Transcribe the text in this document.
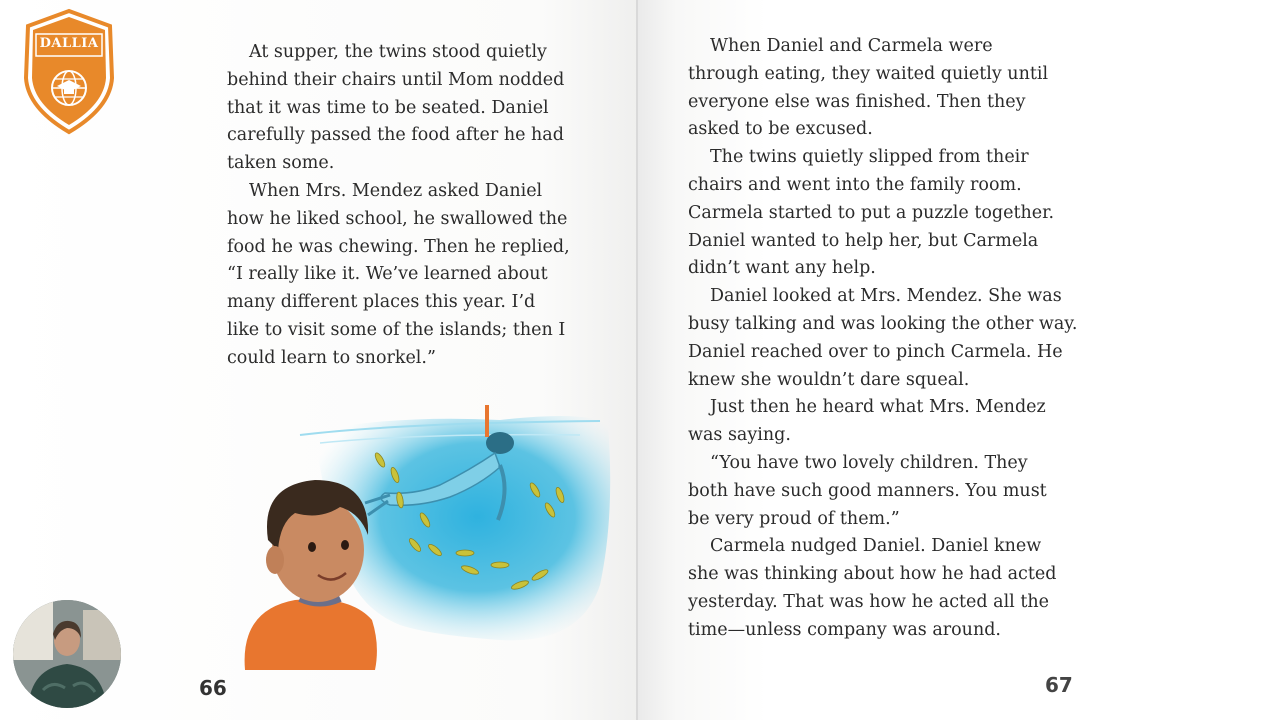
DALLIA	At supper, the twins stood quietly
behind their chairs until Mom nodded
that it was time to be seated. Daniel
carefully passed the food after he had
taken some.

When Mrs. Mendez asked Daniel
how he liked school, he swallowed the
food he was chewing. Then he replied,
“I really like it. We’ve learned about
many different places this year. I’d
like to visit some of the islands; then I
could learn to snorkel.”

66

When Daniel and Carmela were
through eating, they waited quietly until
everyone else was finished. Then they
asked to be excused.

The twins quietly slipped from their
chairs and went into the family room.
Carmela started to put a puzzle together.
Daniel wanted to help her, but Carmela
didn’t want any help.

Daniel looked at Mrs. Mendez. She was
busy talking and was looking the other way.
Daniel reached over to pinch Carmela. He
knew she wouldn’t dare squeal.

Just then he heard what Mrs. Mendez
was saying.

“You have two lovely children. They
both have such good manners. You must
be very proud of them.”

Carmela nudged Daniel. Daniel knew
she was thinking about how he had acted
yesterday. That was how he acted all the
time—unless company was around.

67
